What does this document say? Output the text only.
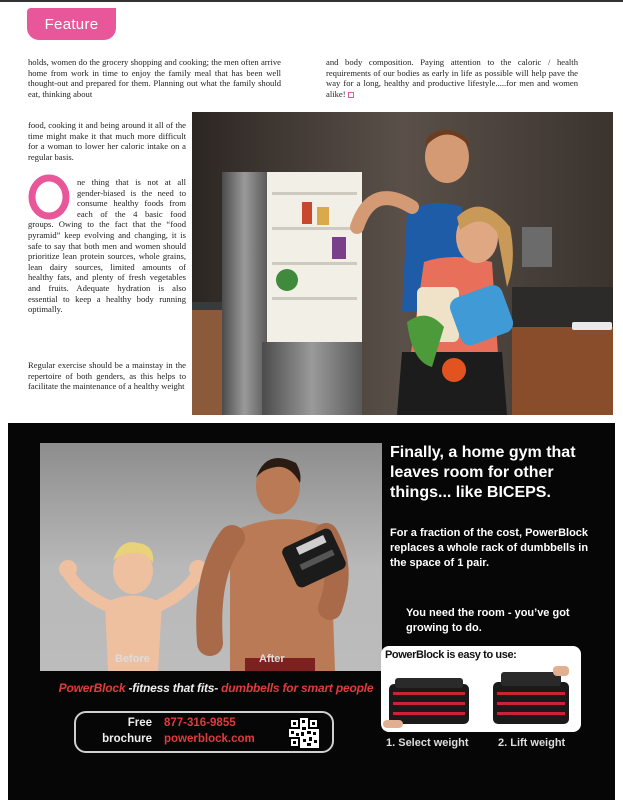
Feature

holds, women do the grocery shopping and cooking; the men often arrive home from work in time to enjoy the family meal that has been well thought-out and prepared for them. Planning out what the family should eat, thinking about

food, cooking it and being around it all of the time might make it that much more difficult for a woman to lower her caloric intake on a regular basis.

ne thing that is not at all gender-biased is the need to consume healthy foods from each of the 4 basic food groups. Owing to the fact that the “food pyramid” keep evolving and changing, it is safe to say that both men and women should prioritize lean protein sources, whole grains, lean dairy sources, limited amounts of healthy fats, and plenty of fresh vegetables and fruits. Adequate hydration is also essential to keep a healthy body running optimally.

Regular exercise should be a mainstay in the repertoire of both genders, as this helps to facilitate the maintenance of a healthy weight

and body composition. Paying attention to the caloric / health requirements of our bodies as early in life as possible will help pave the way for a long, healthy and productive lifestyle.....for men and women alike!

Before	After
Finally, a home gym that leaves room for other things... like BICEPS.
For a fraction of the cost, PowerBlock replaces a whole rack of dumbbells in the space of 1 pair.
You need the room - you’ve got growing to do.
PowerBlock -fitness that fits- dumbbells for smart people
Free 877-316-9855
brochure powerblock.com
PowerBlock is easy to use:
1. Select weight	2. Lift weight
